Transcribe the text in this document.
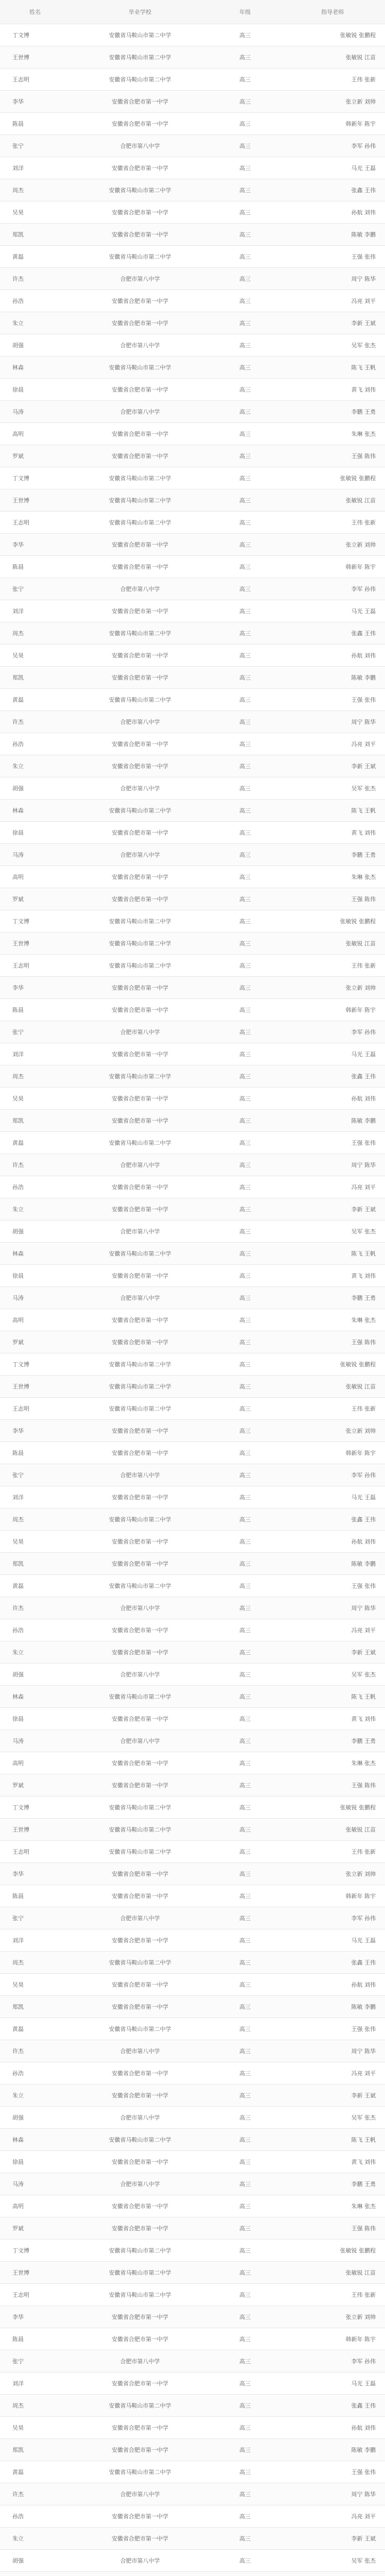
姓名	毕业学校	年级	指导老师
丁文博	安徽省马鞍山市第二中学	高三	张敏锐 张鹏程
王世博	安徽省马鞍山市第二中学	高三	张敏锐 江苗
王志明	安徽省马鞍山市第二中学	高三	王伟 张新
李华	安徽省合肥市第一中学	高三	张立新 刘帅
陈晨	安徽省合肥市第一中学	高三	韩新年 陈宇
张宁	合肥市第八中学	高三	李军 孙伟
刘洋	安徽省合肥市第一中学	高三	马光 王磊
周杰	安徽省马鞍山市第二中学	高三	张鑫 王伟
吴昊	安徽省合肥市第一中学	高三	孙航 刘伟
郑凯	安徽省合肥市第一中学	高三	陈敏 李鹏
黄磊	安徽省马鞍山市第二中学	高三	王强 张伟
许杰	合肥市第八中学	高三	周宁 陈华
孙浩	安徽省合肥市第一中学	高三	冯亮 刘平
朱立	安徽省合肥市第一中学	高三	李新 王斌
胡强	合肥市第八中学	高三	吴军 张杰
林森	安徽省马鞍山市第二中学	高三	陈飞 王帆
徐晨	安徽省合肥市第一中学	高三	黄飞 刘伟
马涛	合肥市第八中学	高三	李鹏 王勇
高明	安徽省合肥市第一中学	高三	朱琳 张杰
罗斌	安徽省合肥市第一中学	高三	王强 陈伟
丁文博	安徽省马鞍山市第二中学	高三	张敏锐 张鹏程
王世博	安徽省马鞍山市第二中学	高三	张敏锐 江苗
王志明	安徽省马鞍山市第二中学	高三	王伟 张新
李华	安徽省合肥市第一中学	高三	张立新 刘帅
陈晨	安徽省合肥市第一中学	高三	韩新年 陈宇
张宁	合肥市第八中学	高三	李军 孙伟
刘洋	安徽省合肥市第一中学	高三	马光 王磊
周杰	安徽省马鞍山市第二中学	高三	张鑫 王伟
吴昊	安徽省合肥市第一中学	高三	孙航 刘伟
郑凯	安徽省合肥市第一中学	高三	陈敏 李鹏
黄磊	安徽省马鞍山市第二中学	高三	王强 张伟
许杰	合肥市第八中学	高三	周宁 陈华
孙浩	安徽省合肥市第一中学	高三	冯亮 刘平
朱立	安徽省合肥市第一中学	高三	李新 王斌
胡强	合肥市第八中学	高三	吴军 张杰
林森	安徽省马鞍山市第二中学	高三	陈飞 王帆
徐晨	安徽省合肥市第一中学	高三	黄飞 刘伟
马涛	合肥市第八中学	高三	李鹏 王勇
高明	安徽省合肥市第一中学	高三	朱琳 张杰
罗斌	安徽省合肥市第一中学	高三	王强 陈伟
丁文博	安徽省马鞍山市第二中学	高三	张敏锐 张鹏程
王世博	安徽省马鞍山市第二中学	高三	张敏锐 江苗
王志明	安徽省马鞍山市第二中学	高三	王伟 张新
李华	安徽省合肥市第一中学	高三	张立新 刘帅
陈晨	安徽省合肥市第一中学	高三	韩新年 陈宇
张宁	合肥市第八中学	高三	李军 孙伟
刘洋	安徽省合肥市第一中学	高三	马光 王磊
周杰	安徽省马鞍山市第二中学	高三	张鑫 王伟
吴昊	安徽省合肥市第一中学	高三	孙航 刘伟
郑凯	安徽省合肥市第一中学	高三	陈敏 李鹏
黄磊	安徽省马鞍山市第二中学	高三	王强 张伟
许杰	合肥市第八中学	高三	周宁 陈华
孙浩	安徽省合肥市第一中学	高三	冯亮 刘平
朱立	安徽省合肥市第一中学	高三	李新 王斌
胡强	合肥市第八中学	高三	吴军 张杰
林森	安徽省马鞍山市第二中学	高三	陈飞 王帆
徐晨	安徽省合肥市第一中学	高三	黄飞 刘伟
马涛	合肥市第八中学	高三	李鹏 王勇
高明	安徽省合肥市第一中学	高三	朱琳 张杰
罗斌	安徽省合肥市第一中学	高三	王强 陈伟
丁文博	安徽省马鞍山市第二中学	高三	张敏锐 张鹏程
王世博	安徽省马鞍山市第二中学	高三	张敏锐 江苗
王志明	安徽省马鞍山市第二中学	高三	王伟 张新
李华	安徽省合肥市第一中学	高三	张立新 刘帅
陈晨	安徽省合肥市第一中学	高三	韩新年 陈宇
张宁	合肥市第八中学	高三	李军 孙伟
刘洋	安徽省合肥市第一中学	高三	马光 王磊
周杰	安徽省马鞍山市第二中学	高三	张鑫 王伟
吴昊	安徽省合肥市第一中学	高三	孙航 刘伟
郑凯	安徽省合肥市第一中学	高三	陈敏 李鹏
黄磊	安徽省马鞍山市第二中学	高三	王强 张伟
许杰	合肥市第八中学	高三	周宁 陈华
孙浩	安徽省合肥市第一中学	高三	冯亮 刘平
朱立	安徽省合肥市第一中学	高三	李新 王斌
胡强	合肥市第八中学	高三	吴军 张杰
林森	安徽省马鞍山市第二中学	高三	陈飞 王帆
徐晨	安徽省合肥市第一中学	高三	黄飞 刘伟
马涛	合肥市第八中学	高三	李鹏 王勇
高明	安徽省合肥市第一中学	高三	朱琳 张杰
罗斌	安徽省合肥市第一中学	高三	王强 陈伟
丁文博	安徽省马鞍山市第二中学	高三	张敏锐 张鹏程
王世博	安徽省马鞍山市第二中学	高三	张敏锐 江苗
王志明	安徽省马鞍山市第二中学	高三	王伟 张新
李华	安徽省合肥市第一中学	高三	张立新 刘帅
陈晨	安徽省合肥市第一中学	高三	韩新年 陈宇
张宁	合肥市第八中学	高三	李军 孙伟
刘洋	安徽省合肥市第一中学	高三	马光 王磊
周杰	安徽省马鞍山市第二中学	高三	张鑫 王伟
吴昊	安徽省合肥市第一中学	高三	孙航 刘伟
郑凯	安徽省合肥市第一中学	高三	陈敏 李鹏
黄磊	安徽省马鞍山市第二中学	高三	王强 张伟
许杰	合肥市第八中学	高三	周宁 陈华
孙浩	安徽省合肥市第一中学	高三	冯亮 刘平
朱立	安徽省合肥市第一中学	高三	李新 王斌
胡强	合肥市第八中学	高三	吴军 张杰
林森	安徽省马鞍山市第二中学	高三	陈飞 王帆
徐晨	安徽省合肥市第一中学	高三	黄飞 刘伟
马涛	合肥市第八中学	高三	李鹏 王勇
高明	安徽省合肥市第一中学	高三	朱琳 张杰
罗斌	安徽省合肥市第一中学	高三	王强 陈伟
丁文博	安徽省马鞍山市第二中学	高三	张敏锐 张鹏程
王世博	安徽省马鞍山市第二中学	高三	张敏锐 江苗
王志明	安徽省马鞍山市第二中学	高三	王伟 张新
李华	安徽省合肥市第一中学	高三	张立新 刘帅
陈晨	安徽省合肥市第一中学	高三	韩新年 陈宇
张宁	合肥市第八中学	高三	李军 孙伟
刘洋	安徽省合肥市第一中学	高三	马光 王磊
周杰	安徽省马鞍山市第二中学	高三	张鑫 王伟
吴昊	安徽省合肥市第一中学	高三	孙航 刘伟
郑凯	安徽省合肥市第一中学	高三	陈敏 李鹏
黄磊	安徽省马鞍山市第二中学	高三	王强 张伟
许杰	合肥市第八中学	高三	周宁 陈华
孙浩	安徽省合肥市第一中学	高三	冯亮 刘平
朱立	安徽省合肥市第一中学	高三	李新 王斌
胡强	合肥市第八中学	高三	吴军 张杰
